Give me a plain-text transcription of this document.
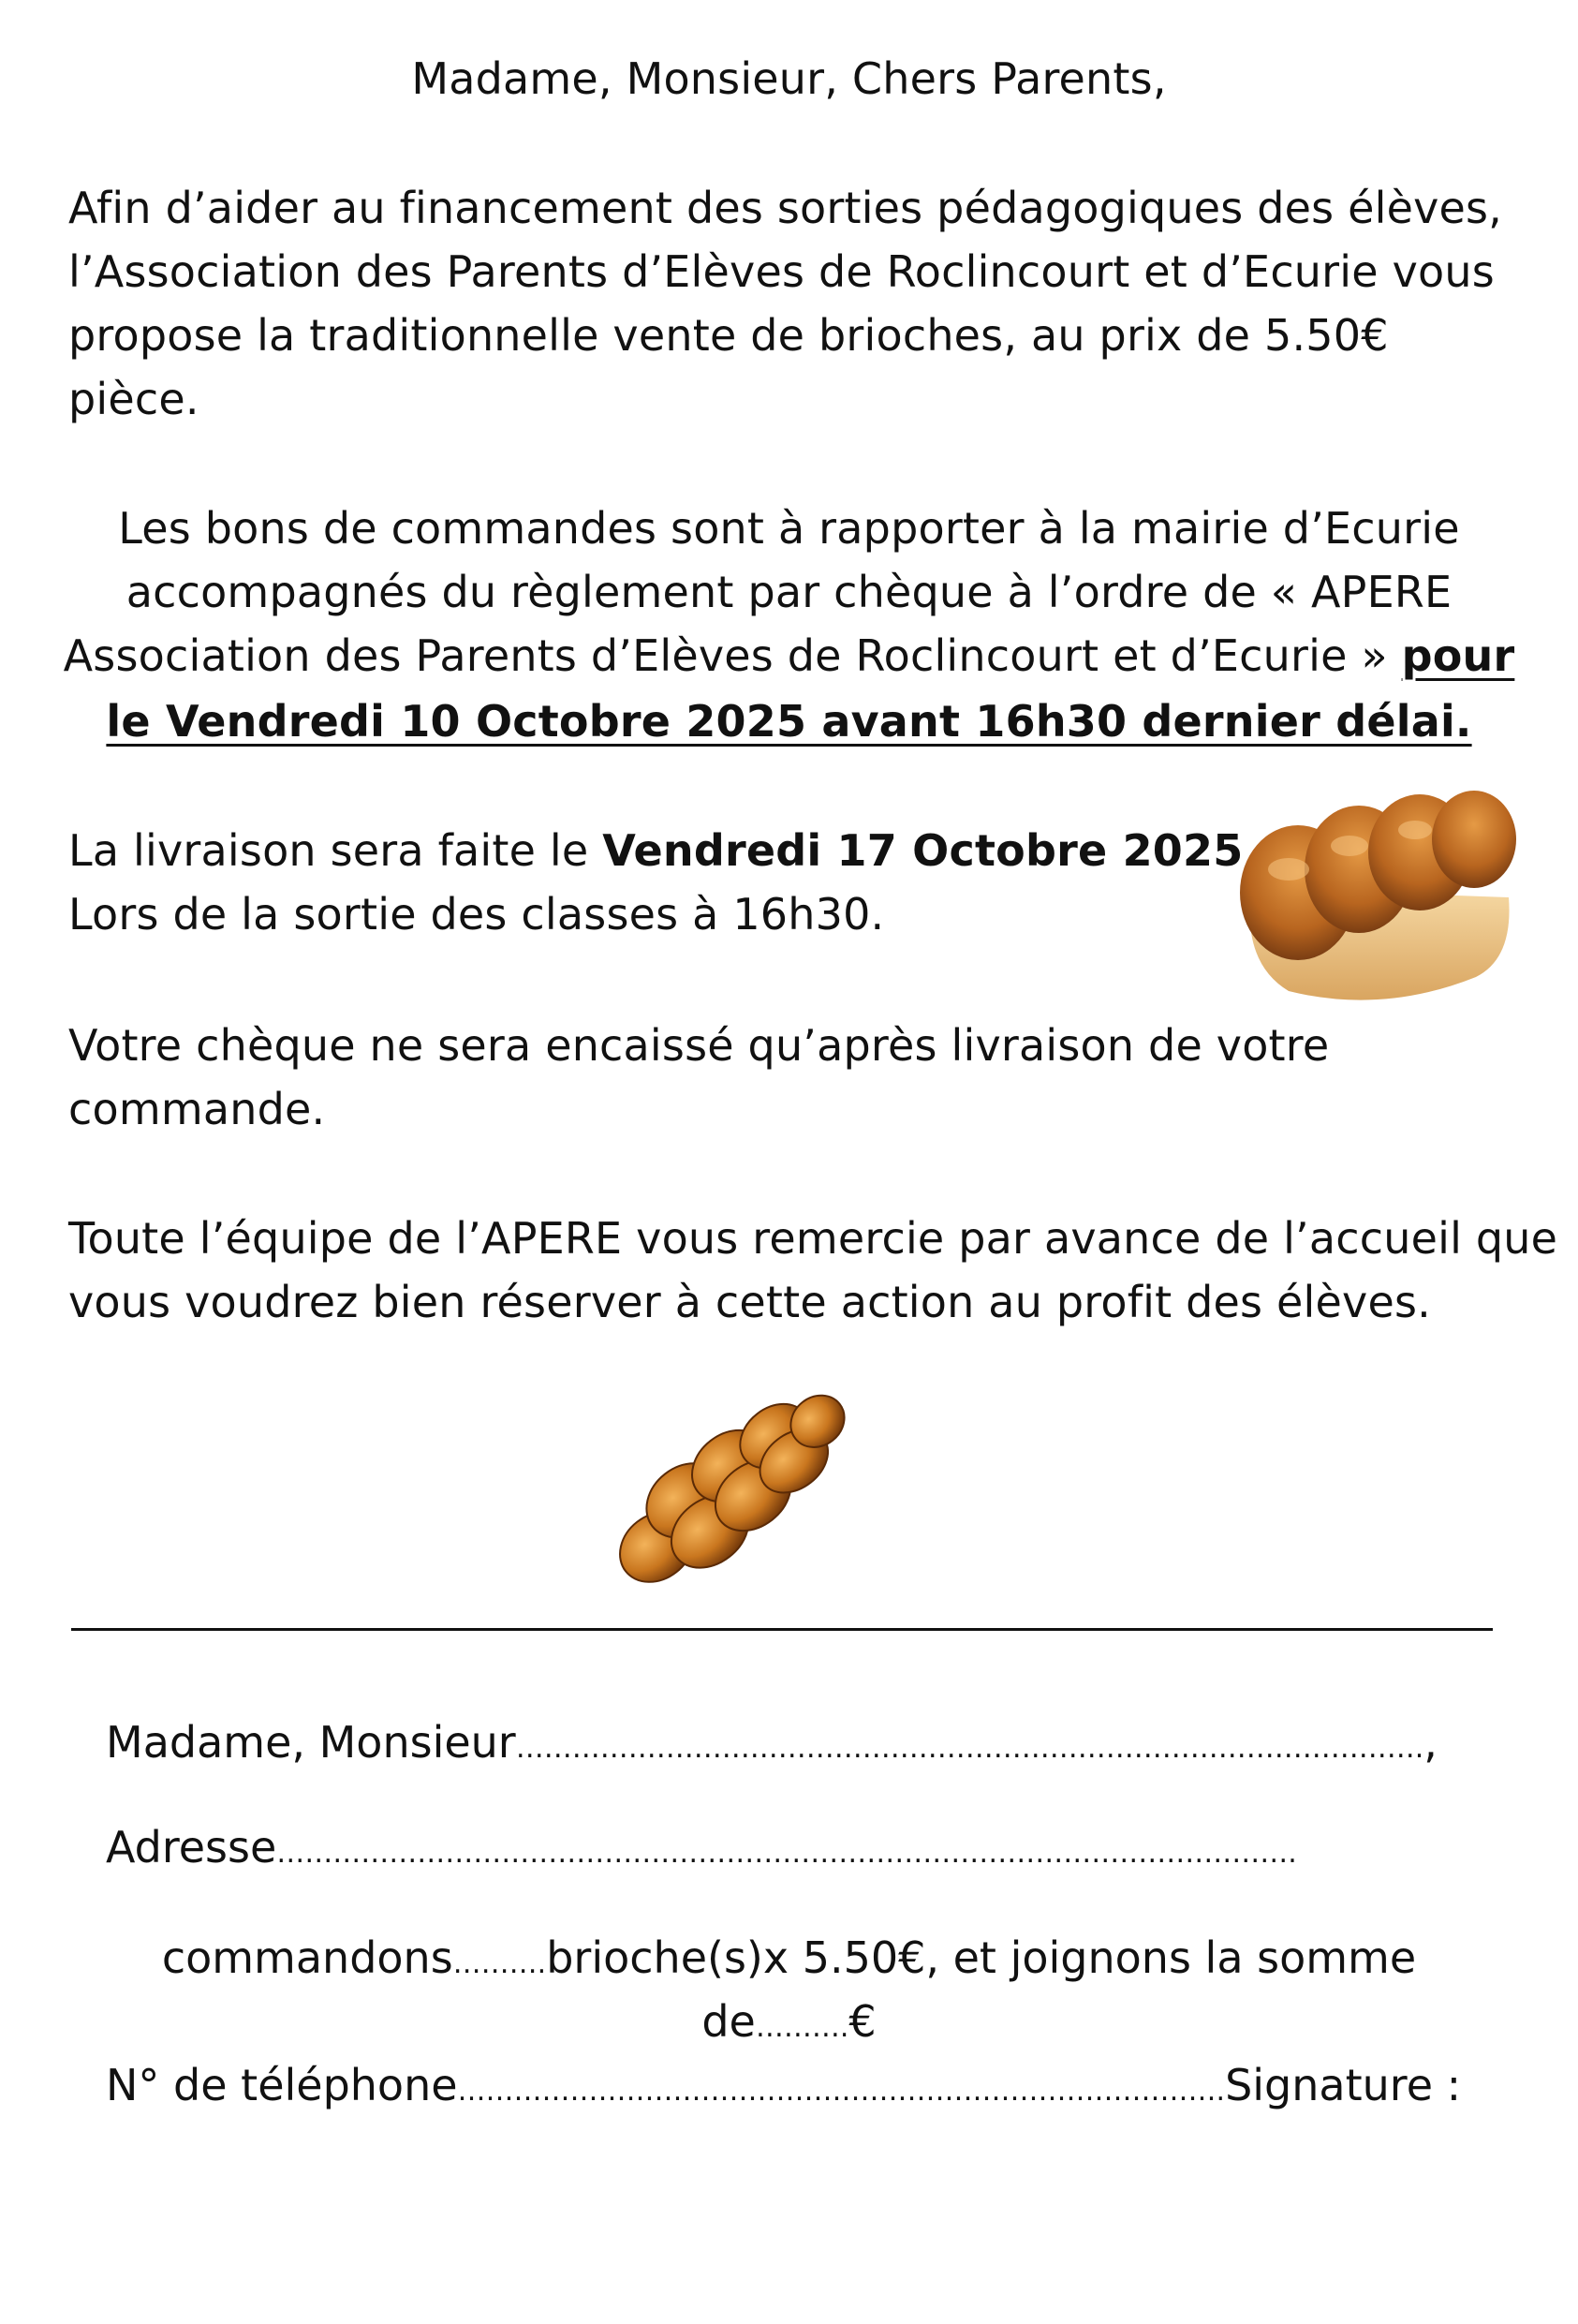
Madame, Monsieur, Chers Parents,
Afin d’aider au financement des sorties pédagogiques des élèves,
l’Association des Parents d’Elèves de Roclincourt et d’Ecurie vous
propose la traditionnelle vente de brioches, au prix de 5.50€
pièce.
Les bons de commandes sont à rapporter à la mairie d’Ecurie
accompagnés du règlement par chèque à l’ordre de « APERE
Association des Parents d’Elèves de Roclincourt et d’Ecurie » pour
le Vendredi 10 Octobre 2025 avant 16h30 dernier délai.
La livraison sera faite le Vendredi 17 Octobre 2025
Lors de la sortie des classes à 16h30.
Votre chèque ne sera encaissé qu’après livraison de votre
commande.
Toute l’équipe de l’APERE vous remercie par avance de l’accueil que
vous voudrez bien réserver à cette action au profit des élèves.
Madame, Monsieur…………………………………………………………………………………….,
Adresse……………………………………………………………………………………………….
commandons……….brioche(s)x 5.50€, et joignons la somme
de……….€
N° de téléphone……………………………………………………………………….Signature :
